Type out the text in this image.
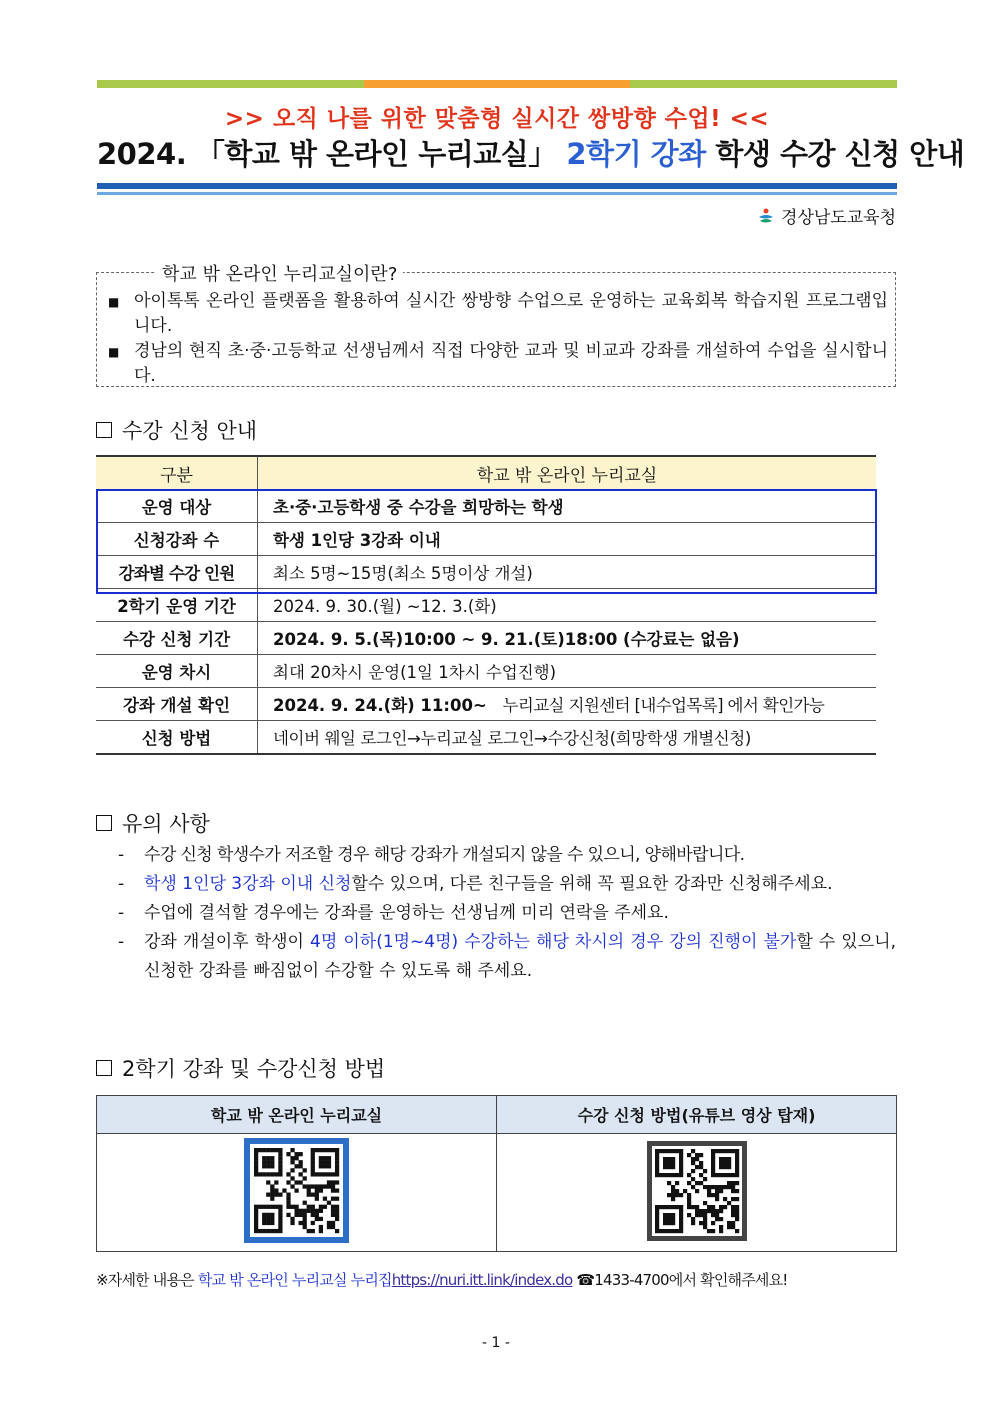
>> 오직 나를 위한 맞춤형 실시간 쌍방향 수업! <<
2024. 「학교 밖 온라인 누리교실」 2학기 강좌 학생 수강 신청 안내
경상남도교육청
학교 밖 온라인 누리교실이란?
■ 아이톡톡 온라인 플랫폼을 활용하여 실시간 쌍방향 수업으로 운영하는 교육회복 학습지원 프로그램입니다.
■ 경남의 현직 초·중·고등학교 선생님께서 직접 다양한 교과 및 비교과 강좌를 개설하여 수업을 실시합니다.
수강 신청 안내
구분	학교 밖 온라인 누리교실
운영 대상	초·중·고등학생 중 수강을 희망하는 학생
신청강좌 수	학생 1인당 3강좌 이내
강좌별 수강 인원	최소 5명~15명(최소 5명이상 개설)
2학기 운영 기간	2024. 9. 30.(월) ~12. 3.(화)
수강 신청 기간	2024. 9. 5.(목)10:00 ~ 9. 21.(토)18:00 (수강료는 없음)
운영 차시	최대 20차시 운영(1일 1차시 수업진행)
강좌 개설 확인	2024. 9. 24.(화) 11:00~ 누리교실 지원센터 [내수업목록] 에서 확인가능
신청 방법	네이버 웨일 로그인→누리교실 로그인→수강신청(희망학생 개별신청)
유의 사항
-	수강 신청 학생수가 저조할 경우 해당 강좌가 개설되지 않을 수 있으니, 양해바랍니다.
-	학생 1인당 3강좌 이내 신청할수 있으며, 다른 친구들을 위해 꼭 필요한 강좌만 신청해주세요.
-	수업에 결석할 경우에는 강좌를 운영하는 선생님께 미리 연락을 주세요.
-	강좌 개설이후 학생이 4명 이하(1명~4명) 수강하는 해당 차시의 경우 강의 진행이 불가할 수 있으니, 신청한 강좌를 빠짐없이 수강할 수 있도록 해 주세요.
2학기 강좌 및 수강신청 방법
학교 밖 온라인 누리교실	수강 신청 방법(유튜브 영상 탑재)

※자세한 내용은 학교 밖 온라인 누리교실 누리집https://nuri.itt.link/index.do ☎1433-4700에서 확인해주세요!
- 1 -
